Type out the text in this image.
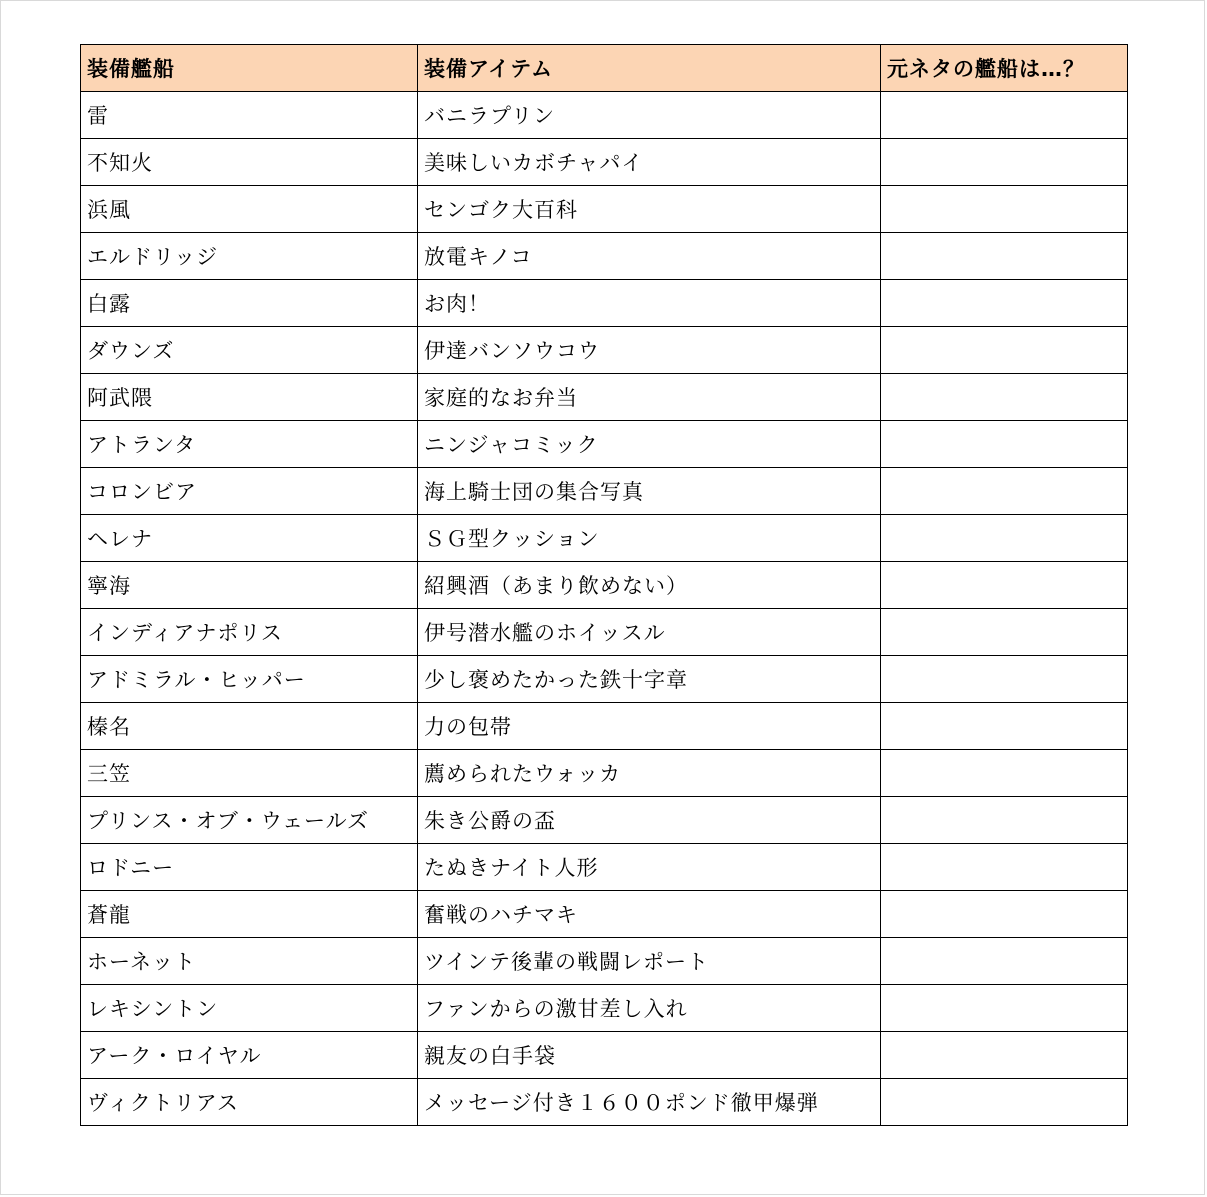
装備艦船	装備アイテム	元ネタの艦船は…？
雷	バニラプリン	
不知火	美味しいカボチャパイ	
浜風	センゴク大百科	
エルドリッジ	放電キノコ	
白露	お肉！	
ダウンズ	伊達バンソウコウ	
阿武隈	家庭的なお弁当	
アトランタ	ニンジャコミック	
コロンビア	海上騎士団の集合写真	
ヘレナ	ＳＧ型クッション	
寧海	紹興酒（あまり飲めない）	
インディアナポリス	伊号潜水艦のホイッスル	
アドミラル・ヒッパー	少し褒めたかった鉄十字章	
榛名	力の包帯	
三笠	薦められたウォッカ	
プリンス・オブ・ウェールズ	朱き公爵の盃	
ロドニー	たぬきナイト人形	
蒼龍	奮戦のハチマキ	
ホーネット	ツインテ後輩の戦闘レポート	
レキシントン	ファンからの激甘差し入れ	
アーク・ロイヤル	親友の白手袋	
ヴィクトリアス	メッセージ付き１６００ポンド徹甲爆弾	
